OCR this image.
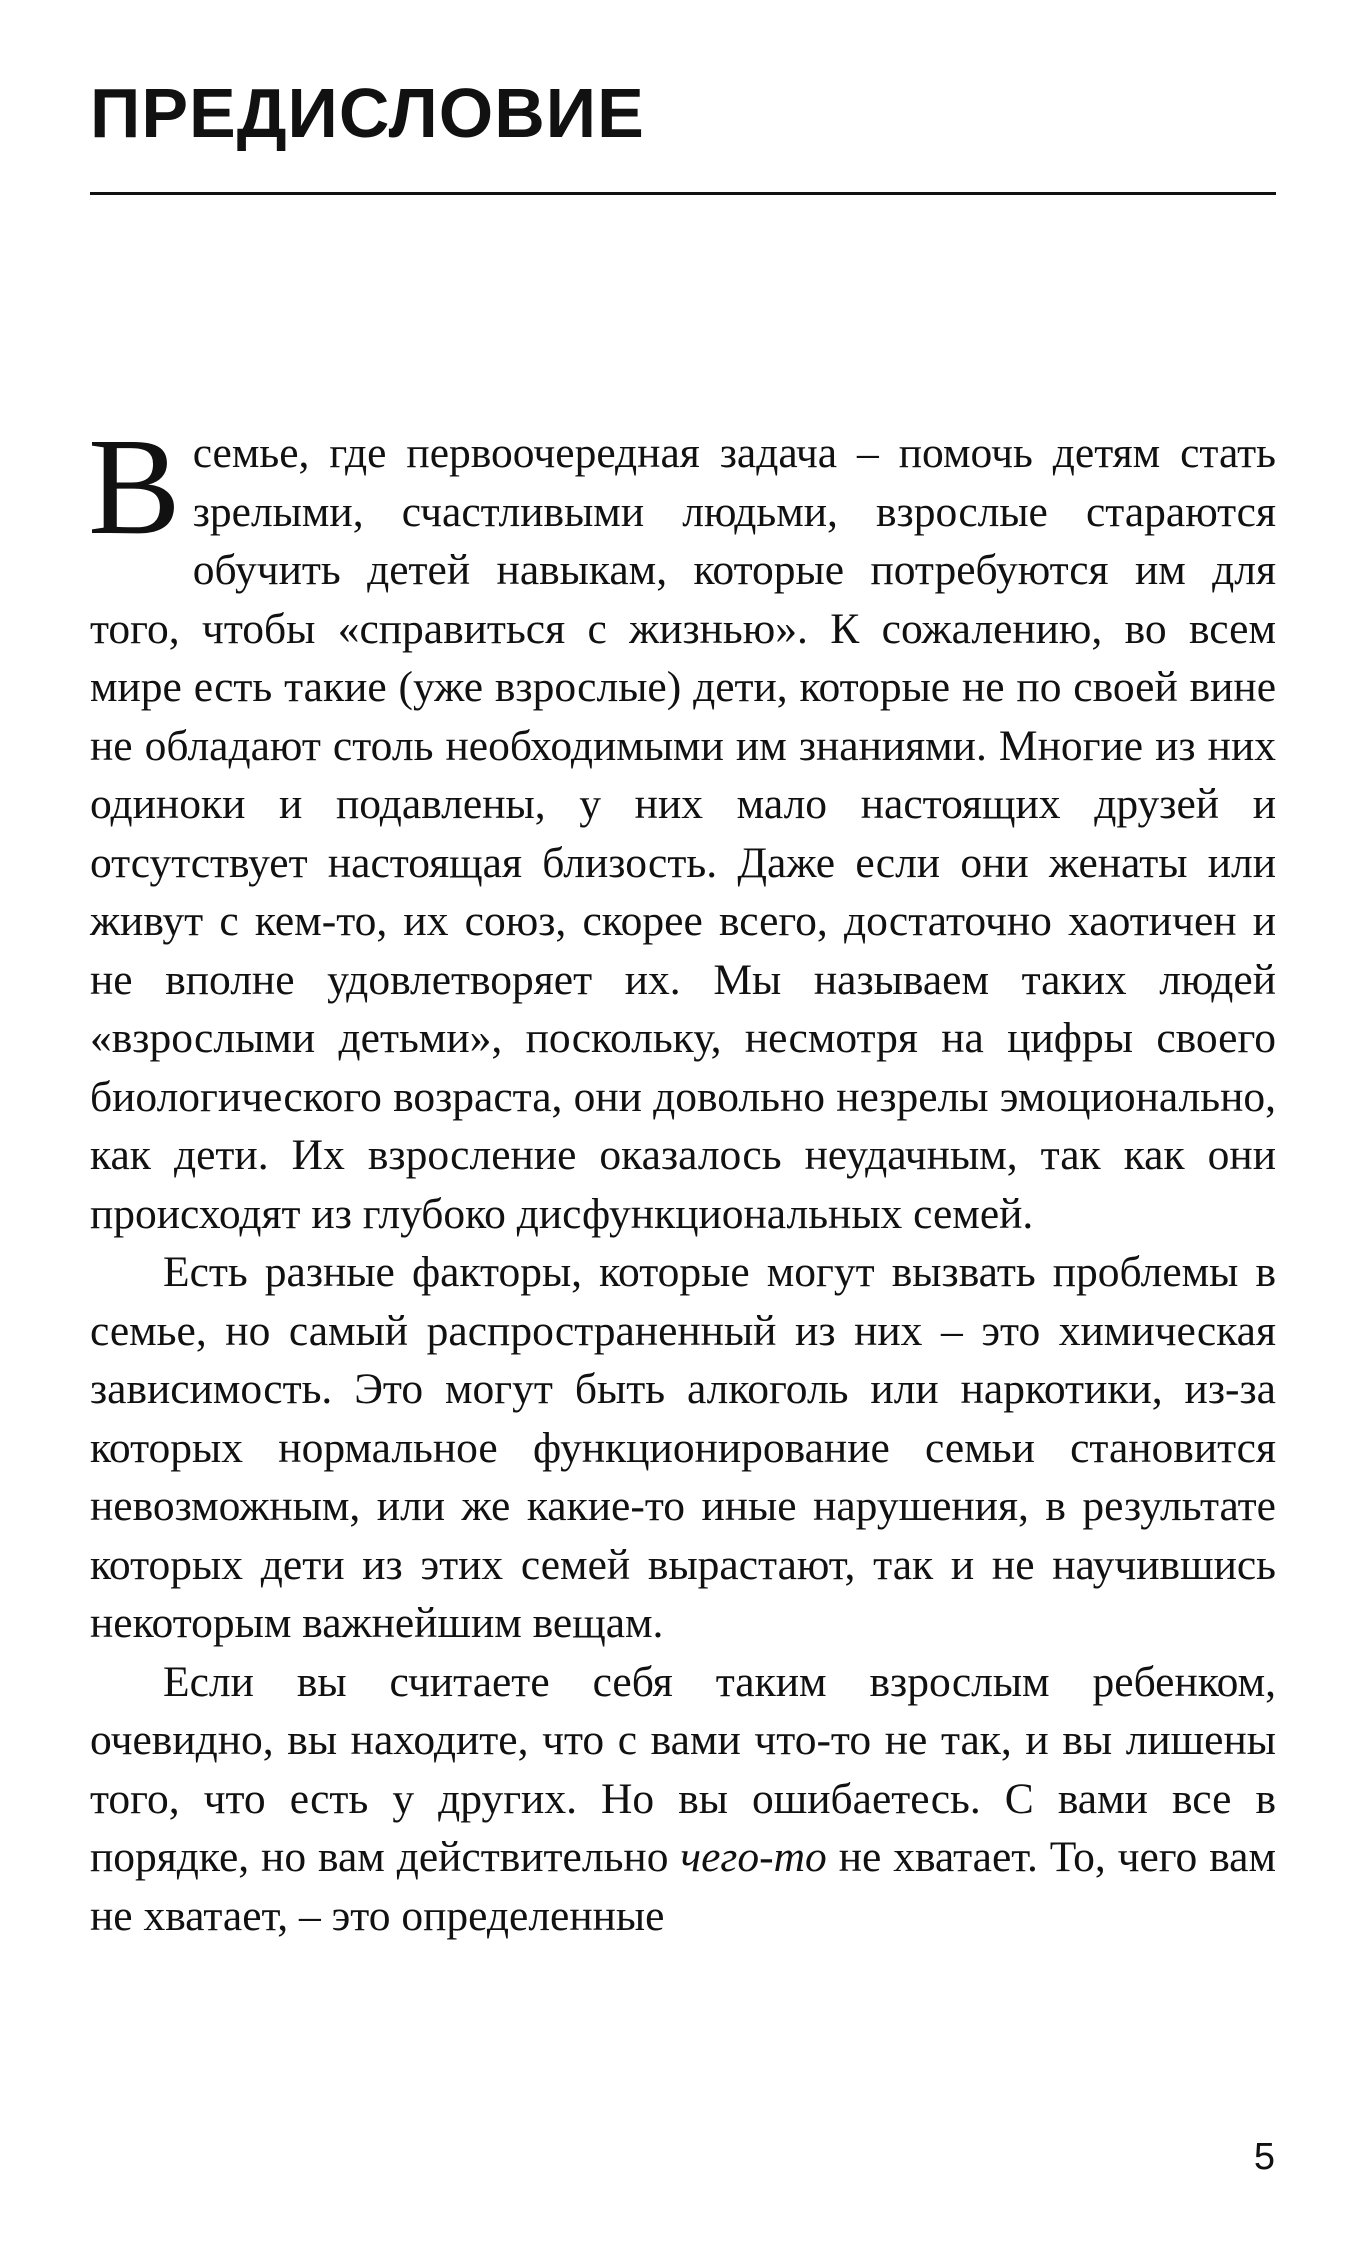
ПРЕДИСЛОВИЕ

В семье, где первоочередная задача – помочь детям стать зрелыми, счастливыми людьми, взрослые стараются обучить детей навыкам, которые потребуются им для того, чтобы «справиться с жизнью». К сожалению, во всем мире есть такие (уже взрослые) дети, которые не по своей вине не обладают столь необходимыми им знаниями. Многие из них одиноки и подавлены, у них мало настоящих друзей и отсутствует настоящая близость. Даже если они женаты или живут с кем-то, их союз, скорее всего, достаточно хаотичен и не вполне удовлетворяет их. Мы называем таких людей «взрослыми детьми», поскольку, несмотря на цифры своего биологического возраста, они довольно незрелы эмоционально, как дети. Их взросление оказалось неудачным, так как они происходят из глубоко дисфункциональных семей.

Есть разные факторы, которые могут вызвать проблемы в семье, но самый распространенный из них – это химическая зависимость. Это могут быть алкоголь или наркотики, из-за которых нормальное функционирование семьи становится невозможным, или же какие-то иные нарушения, в результате которых дети из этих семей вырастают, так и не научившись некоторым важнейшим вещам.

Если вы считаете себя таким взрослым ребенком, очевидно, вы находите, что с вами что-то не так, и вы лишены того, что есть у других. Но вы ошибаетесь. С вами все в порядке, но вам действительно чего-то не хватает. То, чего вам не хватает, – это определенные

5
